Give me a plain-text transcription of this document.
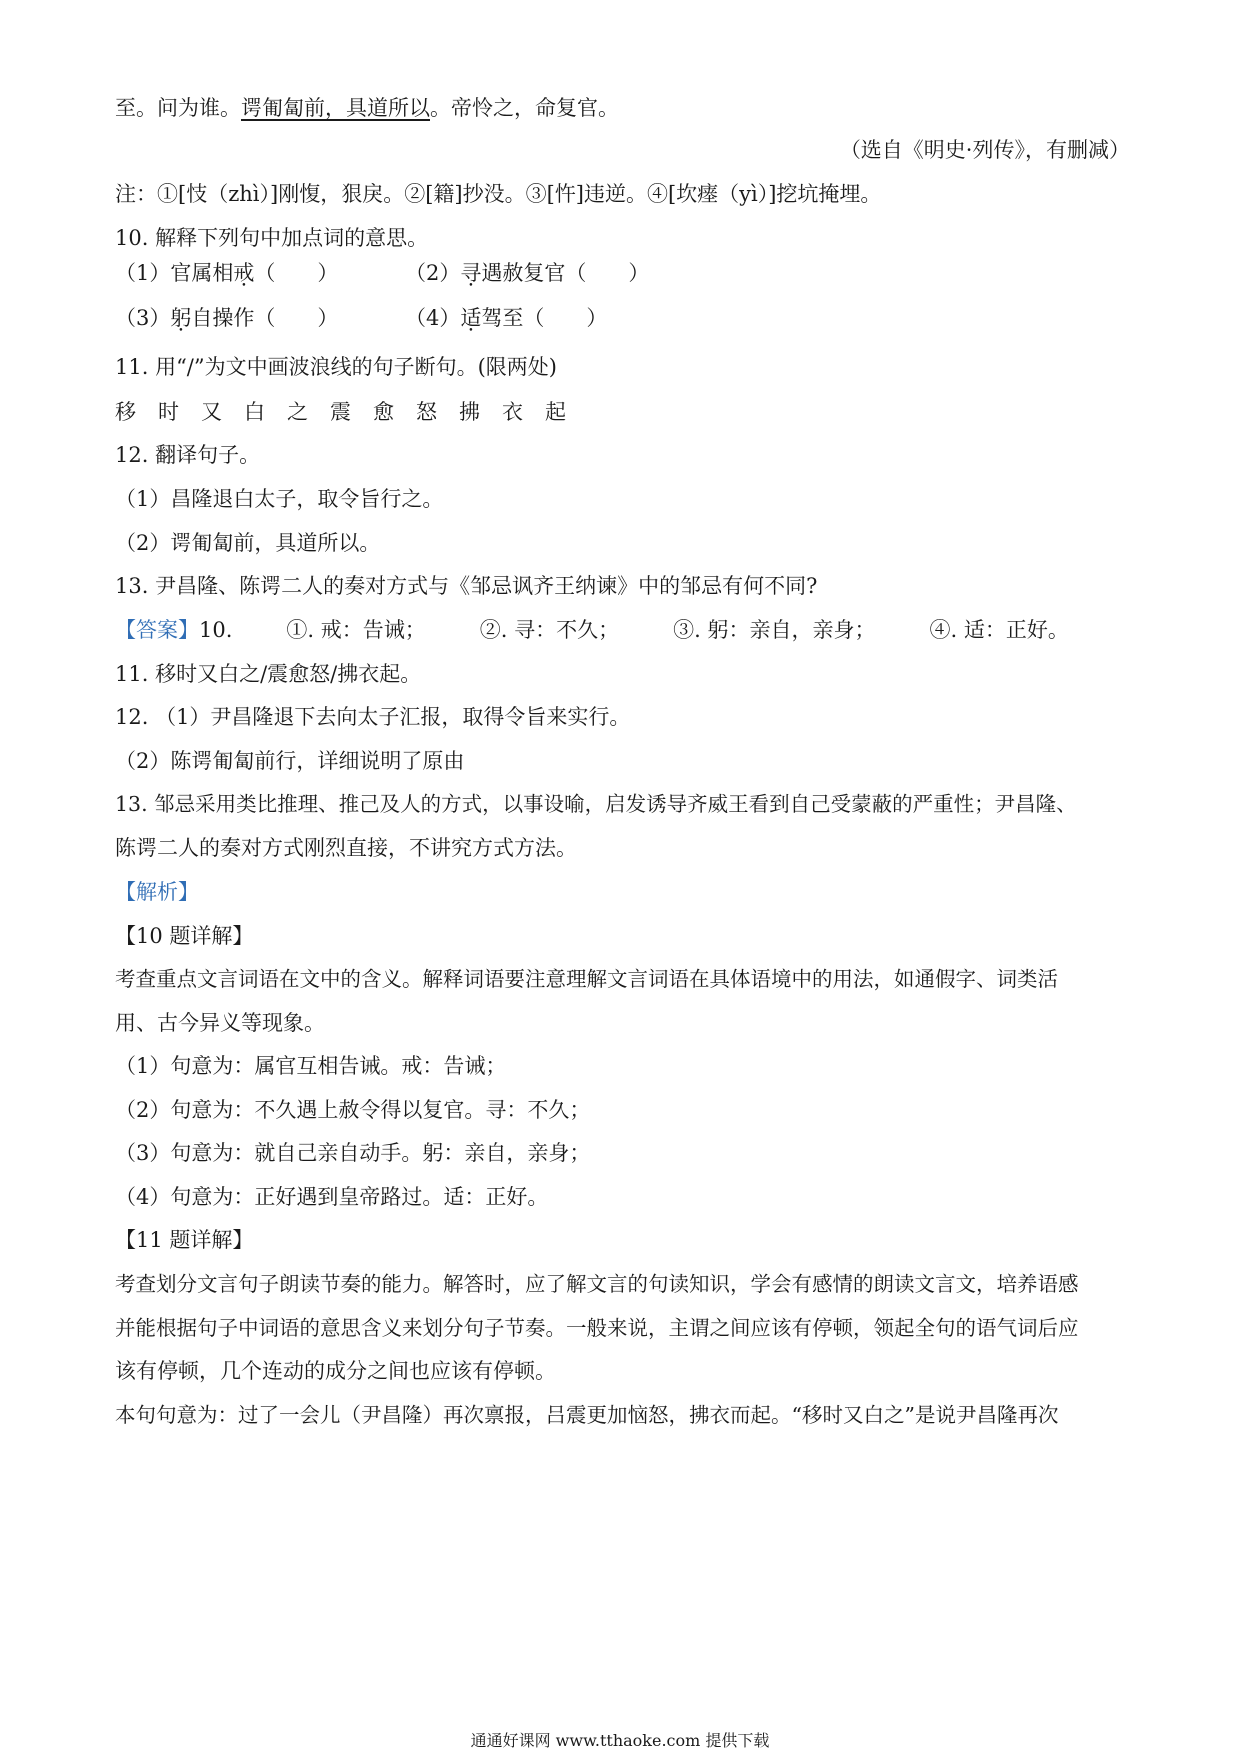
至。问为谁。谔匍匐前，具道所以。帝怜之，命复官。
（选自《明史·列传》，有删减）
注：①[忮（zhì）]刚愎，狠戾。②[籍]抄没。③[忤]违逆。④[坎瘗（yì）]挖坑掩埋。
10. 解释下列句中加点词的意思。
（1）官属相戒（　　）	（2）寻遇赦复官（　　）
（3）躬自操作（　　）	（4）适驾至（　　）
11. 用“/”为文中画波浪线的句子断句。(限两处)
移 时 又 白 之 震 愈 怒 拂 衣 起
12. 翻译句子。
（1）昌隆退白太子，取令旨行之。
（2）谔匍匐前，具道所以。
13. 尹昌隆、陈谔二人的奏对方式与《邹忌讽齐王纳谏》中的邹忌有何不同?
【答案】10.	①. 戒：告诫；	②. 寻：不久；	③. 躬：亲自，亲身；	④. 适：正好。
11. 移时又白之/震愈怒/拂衣起。
12. （1）尹昌隆退下去向太子汇报，取得令旨来实行。
（2）陈谔匍匐前行，详细说明了原由
13. 邹忌采用类比推理、推己及人的方式，以事设喻，启发诱导齐威王看到自己受蒙蔽的严重性；尹昌隆、
陈谔二人的奏对方式刚烈直接，不讲究方式方法。
【解析】
【10 题详解】
考查重点文言词语在文中的含义。解释词语要注意理解文言词语在具体语境中的用法，如通假字、词类活
用、古今异义等现象。
（1）句意为：属官互相告诫。戒：告诫；
（2）句意为：不久遇上赦令得以复官。寻：不久；
（3）句意为：就自己亲自动手。躬：亲自，亲身；
（4）句意为：正好遇到皇帝路过。适：正好。
【11 题详解】
考查划分文言句子朗读节奏的能力。解答时，应了解文言的句读知识，学会有感情的朗读文言文，培养语感
并能根据句子中词语的意思含义来划分句子节奏。一般来说，主谓之间应该有停顿，领起全句的语气词后应
该有停顿，几个连动的成分之间也应该有停顿。
本句句意为：过了一会儿（尹昌隆）再次禀报，吕震更加恼怒，拂衣而起。“移时又白之”是说尹昌隆再次
通通好课网 www.tthaoke.com 提供下载
